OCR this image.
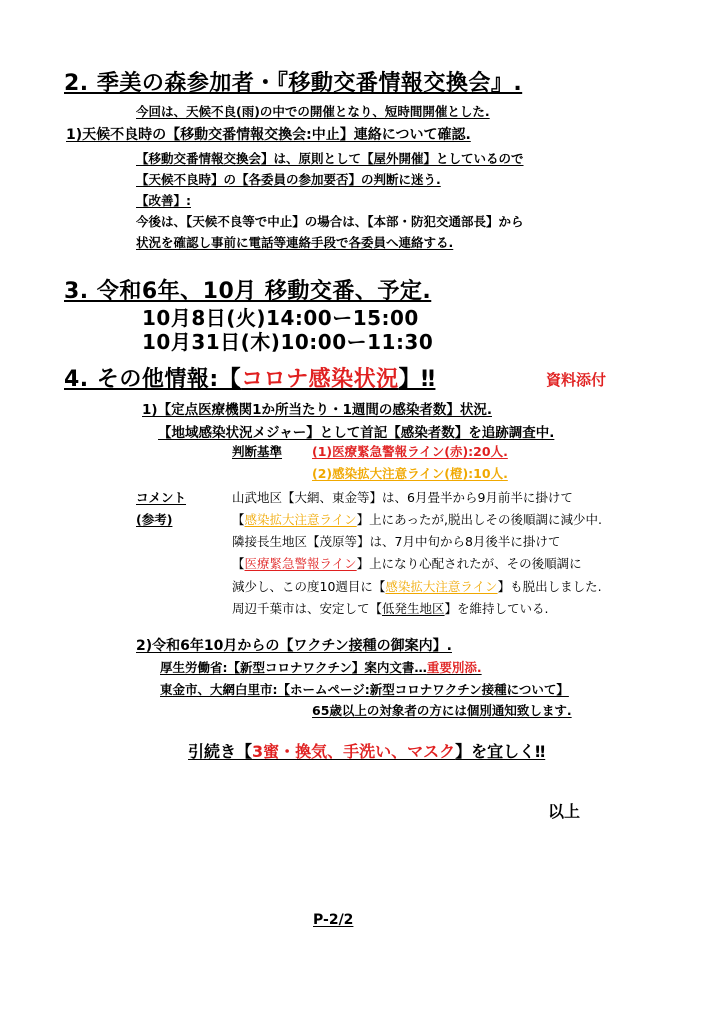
2. 季美の森参加者・『移動交番情報交換会』.
今回は、天候不良(雨)の中での開催となり、短時間開催とした.
1)天候不良時の【移動交番情報交換会:中止】連絡について確認.
【移動交番情報交換会】は、原則として【屋外開催】としているので
【天候不良時】の【各委員の参加要否】の判断に迷う.
【改善】:
今後は、【天候不良等で中止】の場合は、【本部・防犯交通部長】から
状況を確認し事前に電話等連絡手段で各委員へ連絡する.
3. 令和6年、10月 移動交番、予定.
10月8日(火)14:00ー15:00
10月31日(木)10:00ー11:30
4. その他情報:【コロナ感染状況】‼	資料添付
1)【定点医療機関1か所当たり・1週間の感染者数】状況.
【地域感染状況メジャー】として首記【感染者数】を追跡調査中.
判断基準 (1)医療緊急警報ライン(赤):20人.
(2)感染拡大注意ライン(橙):10人.
コメント
(参考)
山武地区【大網、東金等】は、6月畳半から9月前半に掛けて
【感染拡大注意ライン】上にあったが,脱出しその後順調に減少中.
隣接長生地区【茂原等】は、7月中旬から8月後半に掛けて
【医療緊急警報ライン】上になり心配されたが、その後順調に
減少し、この度10週目に【感染拡大注意ライン】も脱出しました.
周辺千葉市は、安定して【低発生地区】を維持している.
2)令和6年10月からの【ワクチン接種の御案内】.
厚生労働省:【新型コロナワクチン】案内文書…重要別添.
東金市、大網白里市:【ホームページ:新型コロナワクチン接種について】
65歳以上の対象者の方には個別通知致します.
引続き【3蜜・換気、手洗い、マスク】を宜しく‼
以上
P-2/2
